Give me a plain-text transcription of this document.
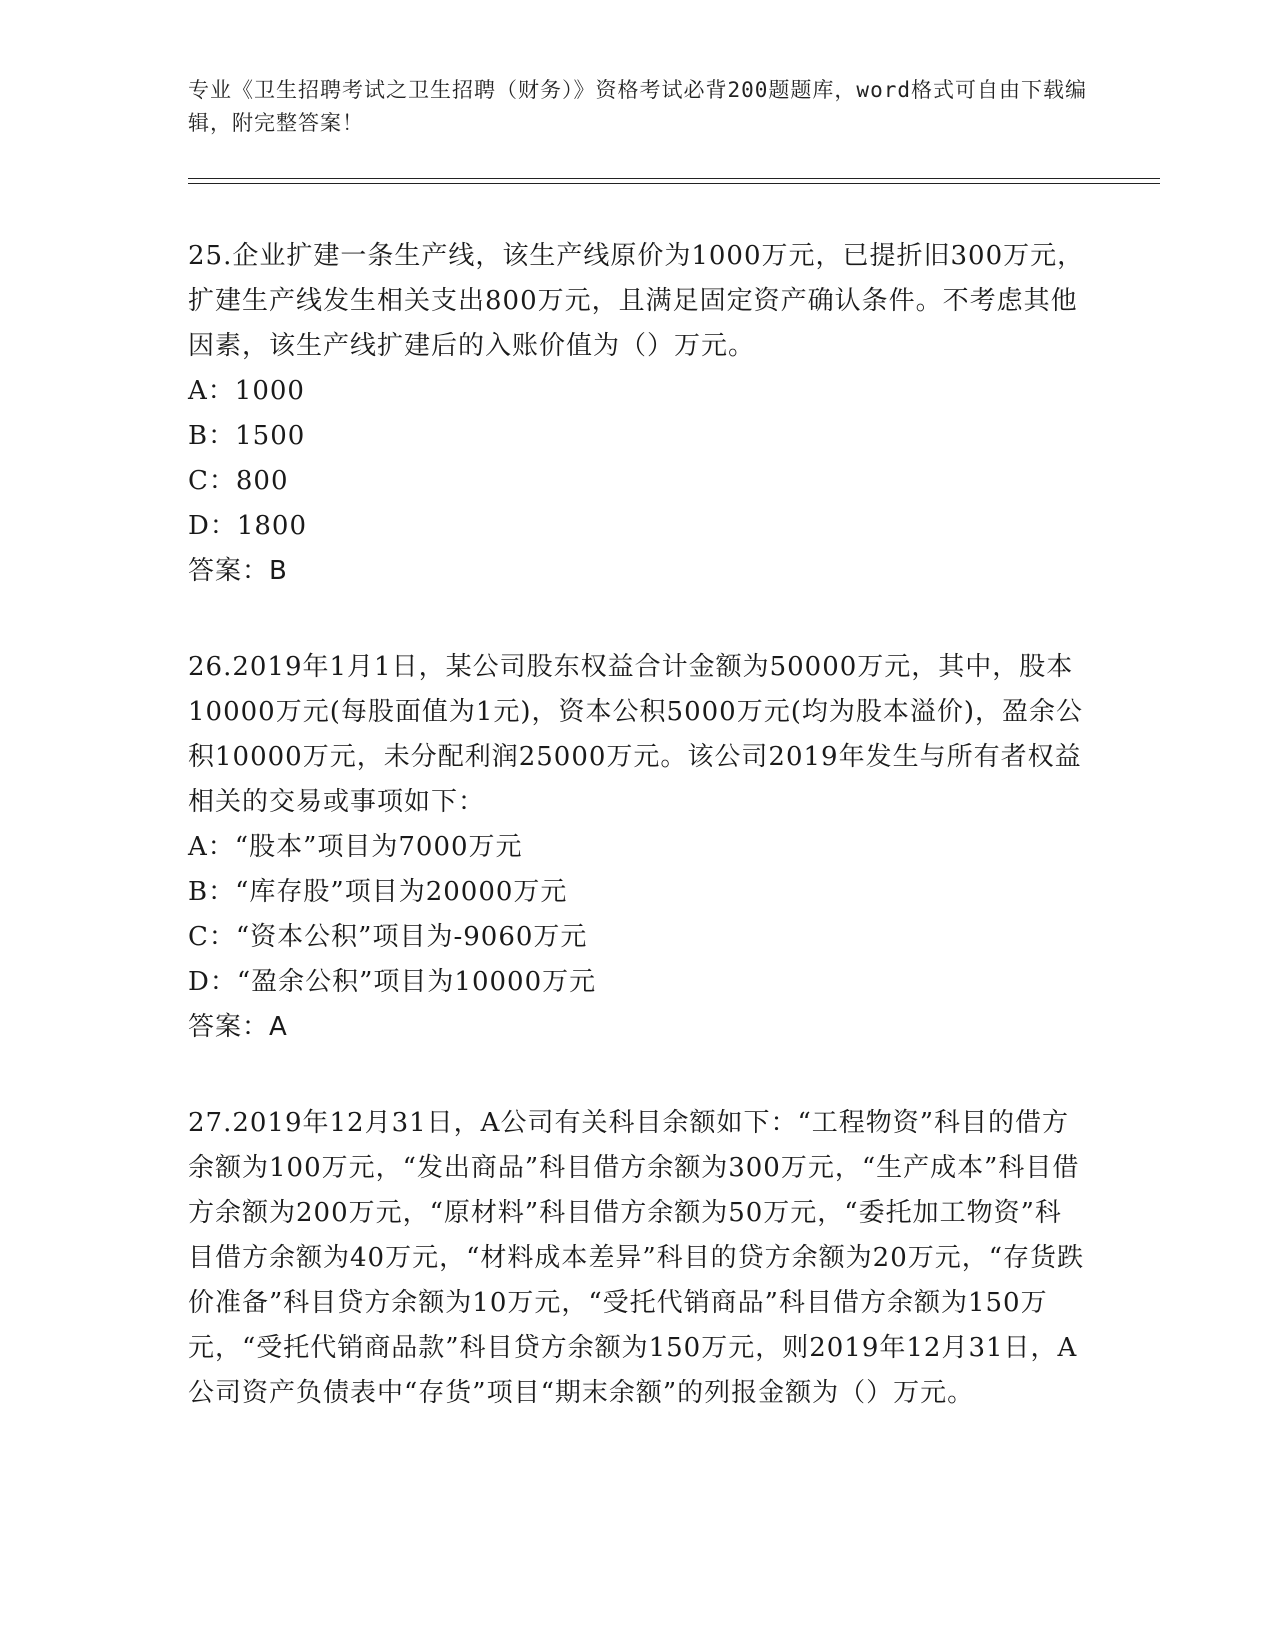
专业《卫生招聘考试之卫生招聘（财务）》资格考试必背200题题库，word格式可自由下载编辑，附完整答案！

25.企业扩建一条生产线，该生产线原价为1000万元，已提折旧300万元，扩建生产线发生相关支出800万元，且满足固定资产确认条件。不考虑其他因素，该生产线扩建后的入账价值为（）万元。

A：1000

B：1500

C：800

D：1800

答案：B

26.2019年1月1日，某公司股东权益合计金额为50000万元，其中，股本10000万元(每股面值为1元)，资本公积5000万元(均为股本溢价)，盈余公积10000万元，未分配利润25000万元。该公司2019年发生与所有者权益相关的交易或事项如下：

A：“股本”项目为7000万元

B：“库存股”项目为20000万元

C：“资本公积”项目为-9060万元

D：“盈余公积”项目为10000万元

答案：A

27.2019年12月31日，A公司有关科目余额如下：“工程物资”科目的借方余额为100万元，“发出商品”科目借方余额为300万元，“生产成本”科目借方余额为200万元，“原材料”科目借方余额为50万元，“委托加工物资”科目借方余额为40万元，“材料成本差异”科目的贷方余额为20万元，“存货跌价准备”科目贷方余额为10万元，“受托代销商品”科目借方余额为150万元，“受托代销商品款”科目贷方余额为150万元，则2019年12月31日，A公司资产负债表中“存货”项目“期末余额”的列报金额为（）万元。
